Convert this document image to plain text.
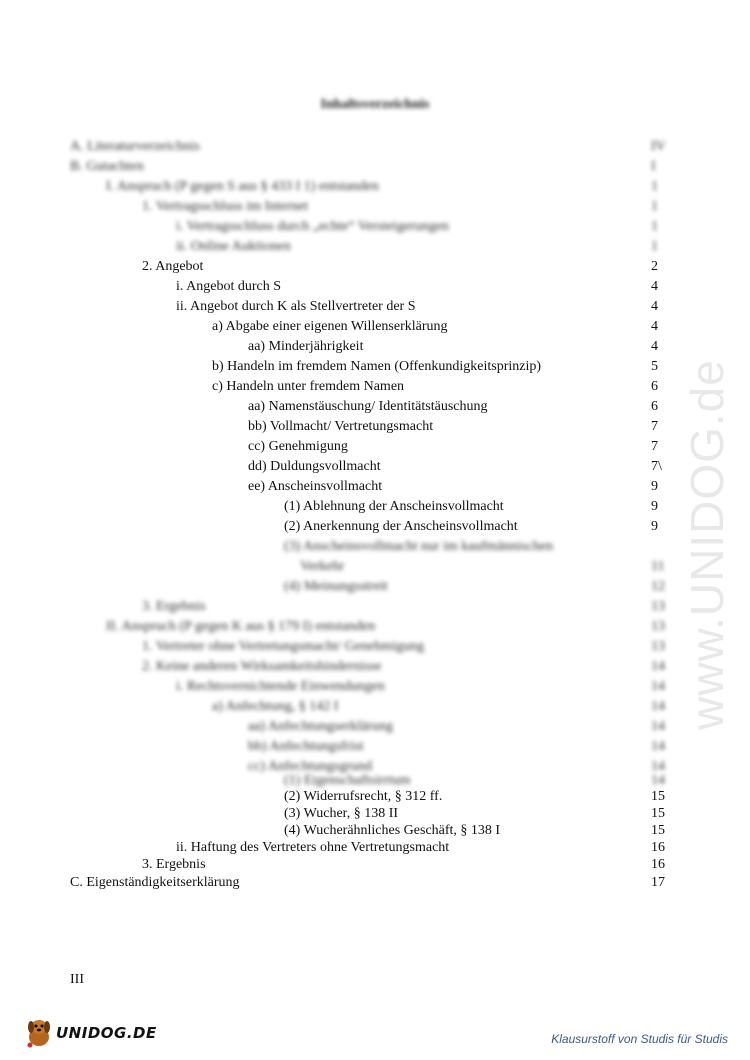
www.UNIDOG.de
Inhaltsverzeichnis
A. Literaturverzeichnis	IV
B. Gutachten	I
I. Anspruch (P gegen S aus § 433 I 1) entstanden	1
1. Vertragsschluss im Internet	1
i. Vertragsschluss durch „echte“ Versteigerungen	1
ii. Online Auktionen	1
2. Angebot	2
i. Angebot durch S	4
ii. Angebot durch K als Stellvertreter der S	4
a) Abgabe einer eigenen Willenserklärung	4
aa) Minderjährigkeit	4
b) Handeln im fremdem Namen (Offenkundigkeitsprinzip)	5
c) Handeln unter fremdem Namen	6
aa) Namenstäuschung/ Identitätstäuschung	6
bb) Vollmacht/ Vertretungsmacht	7
cc) Genehmigung	7
dd) Duldungsvollmacht	7\
ee) Anscheinsvollmacht	9
(1) Ablehnung der Anscheinsvollmacht	9
(2) Anerkennung der Anscheinsvollmacht	9
(3) Anscheinsvollmacht nur im kaufmännischen
Verkehr	11
(4) Meinungsstreit	12
3. Ergebnis	13
II. Anspruch (P gegen K aus § 179 I) entstanden	13
1. Vertreter ohne Vertretungsmacht/ Genehmigung	13
2. Keine anderen Wirksamkeitshindernisse	14
i. Rechtsvernichtende Einwendungen	14
a) Anfechtung, § 142 I	14
aa) Anfechtungserklärung	14
bb) Anfechtungsfrist	14
cc) Anfechtungsgrund	14
(1) Eigenschaftsirrtum	14
(2) Widerrufsrecht, § 312 ff.	15
(3) Wucher, § 138 II	15
(4) Wucherähnliches Geschäft, § 138 I	15
ii. Haftung des Vertreters ohne Vertretungsmacht	16
3. Ergebnis	16
C. Eigenständigkeitserklärung	17
III
UNIDOG.DE	Klausurstoff von Studis für Studis
